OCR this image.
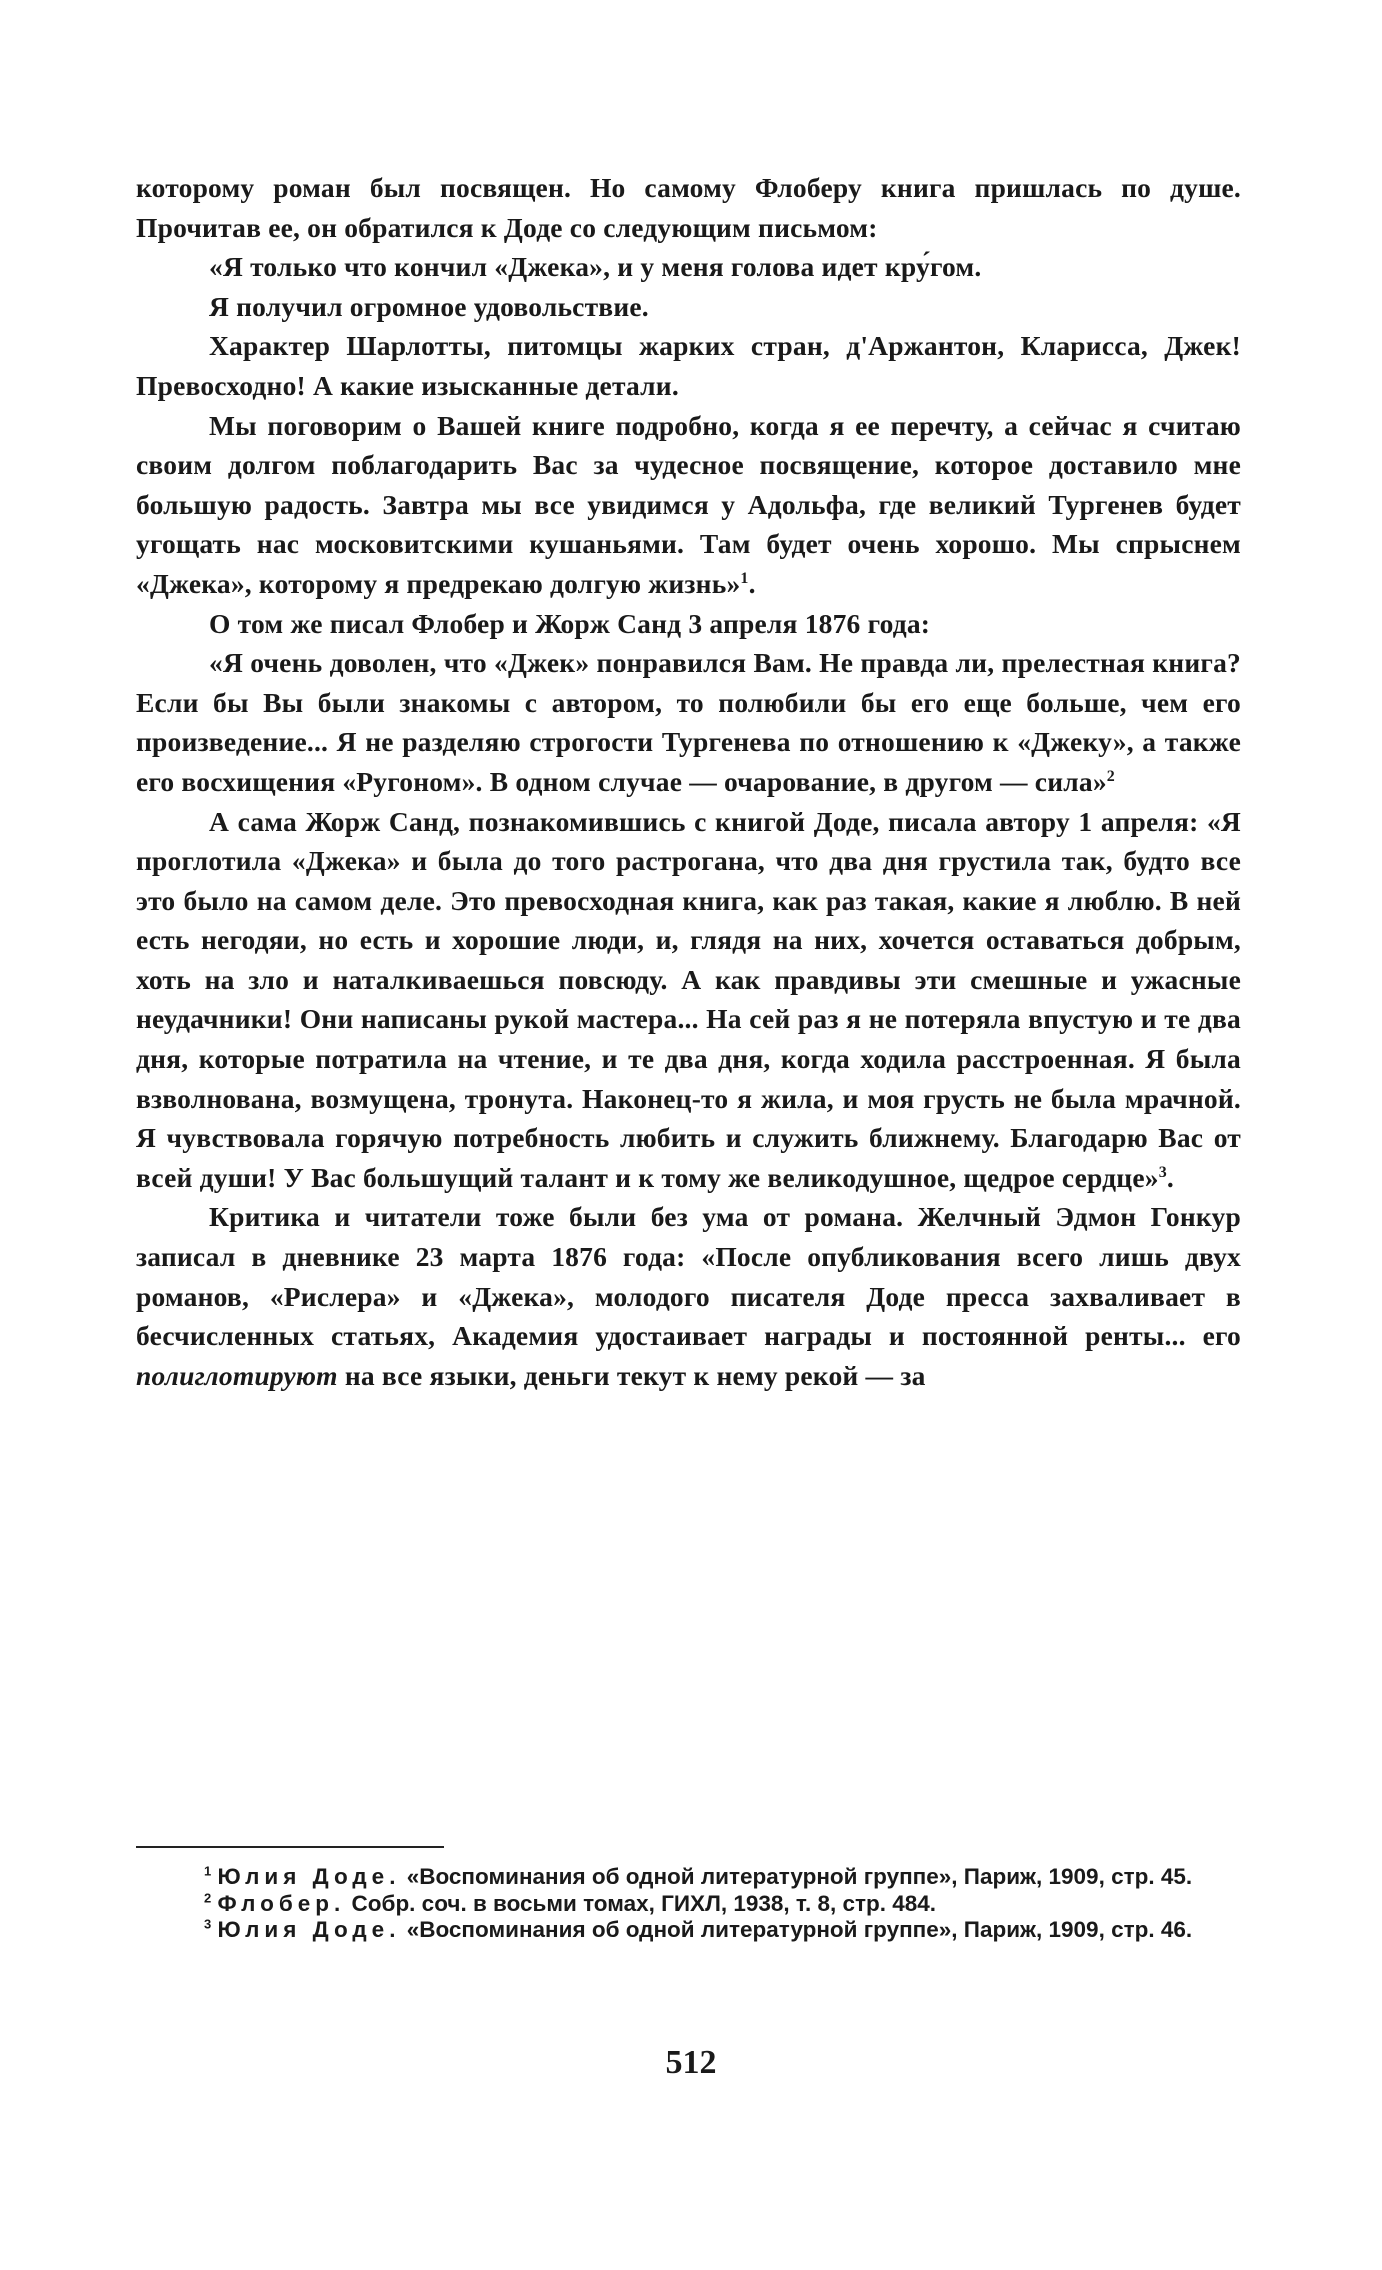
которому роман был посвящен. Но самому Флоберу книга пришлась по душе. Прочитав ее, он обратился к Доде со следующим письмом:

«Я только что кончил «Джека», и у меня голова идет кру́гом.

Я получил огромное удовольствие.

Характер Шарлотты, питомцы жарких стран, д'Аржантон, Кларисса, Джек! Превосходно! А какие изысканные детали.

Мы поговорим о Вашей книге подробно, когда я ее перечту, а сейчас я считаю своим долгом поблагодарить Вас за чудесное посвящение, которое доставило мне большую радость. Завтра мы все увидимся у Адольфа, где великий Тургенев будет угощать нас московитскими кушаньями. Там будет очень хорошо. Мы спрыснем «Джека», которому я предрекаю долгую жизнь»$^1$.

О том же писал Флобер и Жорж Санд 3 апреля 1876 года:

«Я очень доволен, что «Джек» понравился Вам. Не правда ли, прелестная книга? Если бы Вы были знакомы с автором, то полюбили бы его еще больше, чем его произведение... Я не разделяю строгости Тургенева по отношению к «Джеку», а также его восхищения «Ругоном». В одном случае — очарование, в другом — сила»$^2$

А сама Жорж Санд, познакомившись с книгой Доде, писала автору 1 апреля: «Я проглотила «Джека» и была до того растрогана, что два дня грустила так, будто все это было на самом деле. Это превосходная книга, как раз такая, какие я люблю. В ней есть негодяи, но есть и хорошие люди, и, глядя на них, хочется оставаться добрым, хоть на зло и наталкиваешься повсюду. А как правдивы эти смешные и ужасные неудачники! Они написаны рукой мастера... На сей раз я не потеряла впустую и те два дня, которые потратила на чтение, и те два дня, когда ходила расстроенная. Я была взволнована, возмущена, тронута. Наконец-то я жила, и моя грусть не была мрачной. Я чувствовала горячую потребность любить и служить ближнему. Благодарю Вас от всей души! У Вас большущий талант и к тому же великодушное, щедрое сердце»$^3$.

Критика и читатели тоже были без ума от романа. Желчный Эдмон Гонкур записал в дневнике 23 марта 1876 года: «После опубликования всего лишь двух романов, «Рислера» и «Джека», молодого писателя Доде пресса захваливает в бесчисленных статьях, Академия удостаивает награды и постоянной ренты... его полиглотируют на все языки, деньги текут к нему рекой — за

$^1$ Юлия Доде. «Воспоминания об одной литературной группе», Париж, 1909, стр. 45.

$^2$ Флобер. Собр. соч. в восьми томах, ГИХЛ, 1938, т. 8, стр. 484.

$^3$ Юлия Доде. «Воспоминания об одной литературной группе», Париж, 1909, стр. 46.

512
